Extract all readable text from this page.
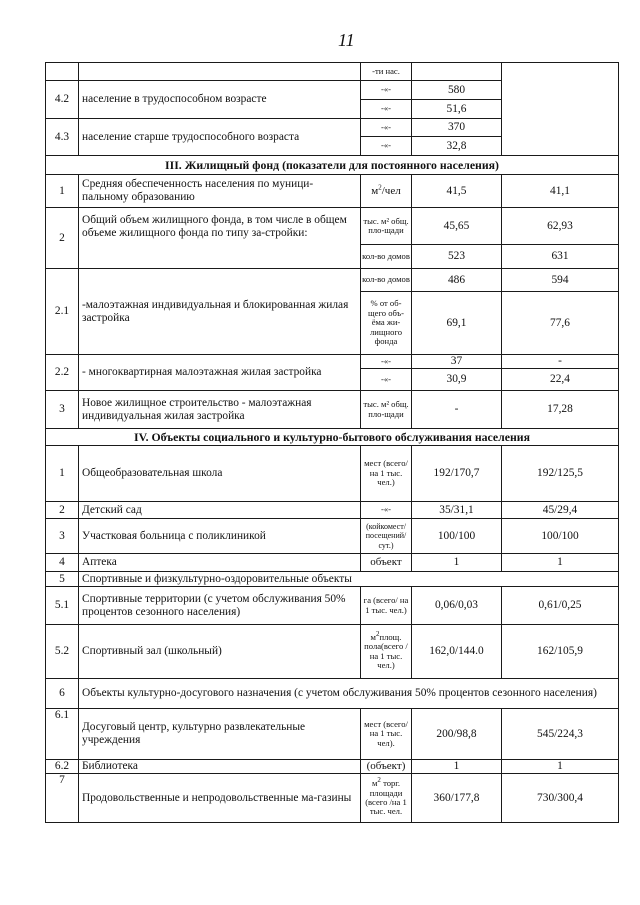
11
		-ти нас.		
4.2	население в трудоспособном возрасте	-«-	580	
		-«-	51,6	
4.3	население старше трудоспособного возраста	-«-	370	
		-«-	32,8	
III. Жилищный фонд (показатели для постоянного населения)				
1	Средняя обеспеченность населения по муници-пальному образованию	$м^2$/чел	41,5	41,1
2	Общий объем жилищного фонда, в том числе в общем объеме жилищного фонда по типу за-стройки:	тыс. м² общ. пло-щади	45,65	62,93
		кол-во домов	523	631
2.1	-малоэтажная индивидуальная и блокированная жилая застройка	кол-во домов	486	594
		% от об-щего объ-ёма жи-лищного фонда	69,1	77,6
2.2	- многоквартирная малоэтажная жилая застройка	-«-	37	-
		-«-	30,9	22,4
3	Новое жилищное строительство - малоэтажная индивидуальная жилая застройка	тыс. м² общ. пло-щади	-	17,28
IV. Объекты социального и культурно-бытового обслуживания населения				
1	Общеобразовательная школа	мест (всего/ на 1 тыс. чел.)	192/170,7	192/125,5
2	Детский сад	-«-	35/31,1	45/29,4
3	Участковая больница с поликлиникой	(койкомест/ посещений/ сут.)	100/100	100/100
4	Аптека	объект	1	1
5	Спортивные и физкультурно-оздоровительные объекты			
5.1	Спортивные территории (с учетом обслуживания 50% процентов сезонного населения)	га (всего/ на 1 тыс. чел.)	0,06/0,03	0,61/0,25
5.2	Спортивный зал (школьный)	$м^2площ$. пола(всего / на 1 тыс. чел.)	162,0/144.0	162/105,9
6	Объекты культурно-досугового назначения (с учетом обслуживания 50% процентов сезонного населения)			
6.1	Досуговый центр, культурно развлекательные учреждения	мест (всего/ на 1 тыс. чел).	200/98,8	545/224,3
6.2	Библиотека	(объект)	1	1
7	Продовольственные и непродовольственные ма-газины	$м^2$ торг. площади (всего /на 1 тыс. чел.	360/177,8	730/300,4
